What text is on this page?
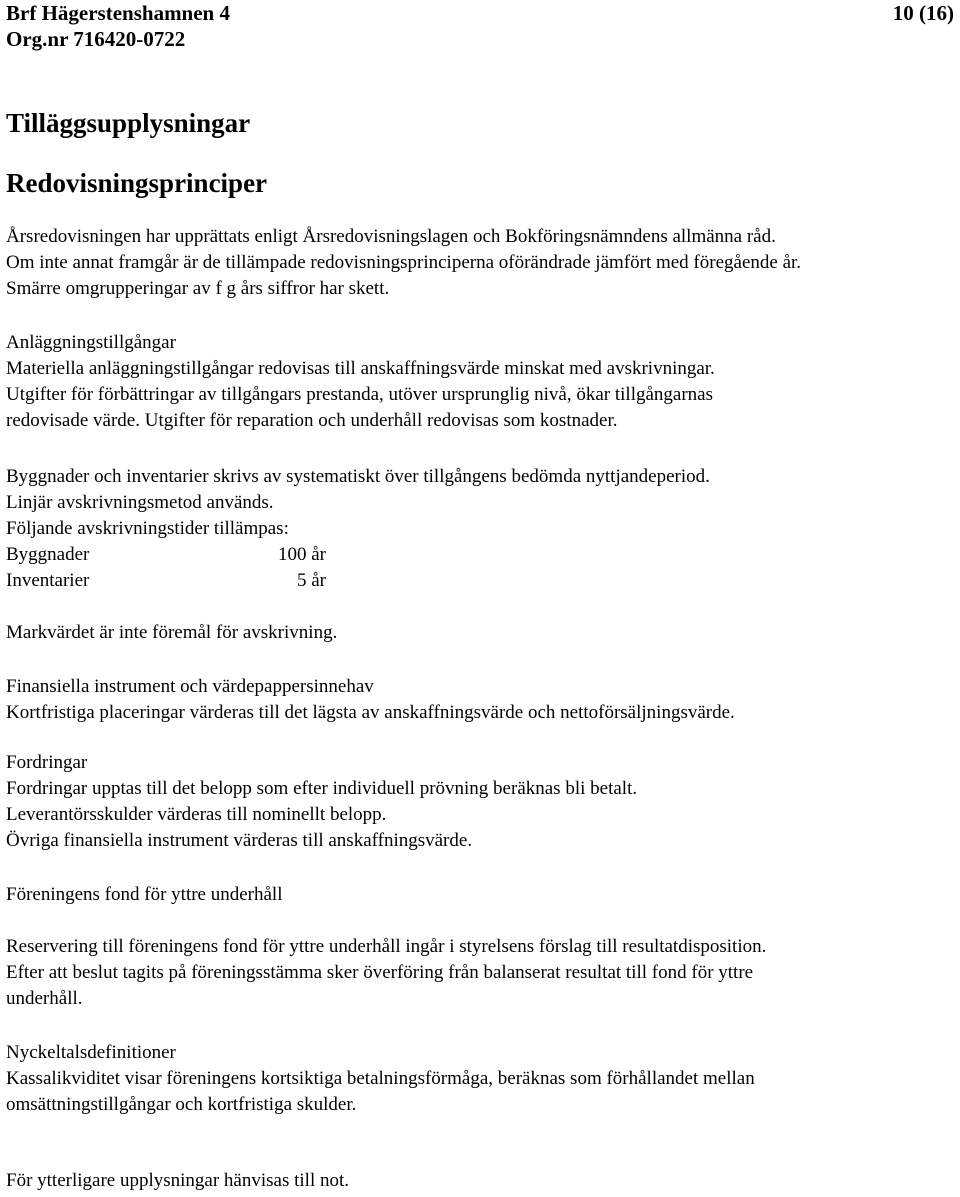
Brf Hägerstenshamnen 4	10 (16)
Org.nr 716420-0722
Tilläggsupplysningar
Redovisningsprinciper

Årsredovisningen har upprättats enligt Årsredovisningslagen och Bokföringsnämndens allmänna råd.

Om inte annat framgår är de tillämpade redovisningsprinciperna oförändrade jämfört med föregående år.

Smärre omgrupperingar av f g års siffror har skett.

Anläggningstillgångar

Materiella anläggningstillgångar redovisas till anskaffningsvärde minskat med avskrivningar.

Utgifter för förbättringar av tillgångars prestanda, utöver ursprunglig nivå, ökar tillgångarnas

redovisade värde. Utgifter för reparation och underhåll redovisas som kostnader.

Byggnader och inventarier skrivs av systematiskt över tillgångens bedömda nyttjandeperiod.

Linjär avskrivningsmetod används.

Följande avskrivningstider tillämpas:

Byggnader	100 år
Inventarier	5 år

Markvärdet är inte föremål för avskrivning.

Finansiella instrument och värdepappersinnehav

Kortfristiga placeringar värderas till det lägsta av anskaffningsvärde och nettoförsäljningsvärde.

Fordringar

Fordringar upptas till det belopp som efter individuell prövning beräknas bli betalt.

Leverantörsskulder värderas till nominellt belopp.

Övriga finansiella instrument värderas till anskaffningsvärde.

Föreningens fond för yttre underhåll

Reservering till föreningens fond för yttre underhåll ingår i styrelsens förslag till resultatdisposition.

Efter att beslut tagits på föreningsstämma sker överföring från balanserat resultat till fond för yttre

underhåll.

Nyckeltalsdefinitioner

Kassalikviditet visar föreningens kortsiktiga betalningsförmåga, beräknas som förhållandet mellan

omsättningstillgångar och kortfristiga skulder.

För ytterligare upplysningar hänvisas till not.
